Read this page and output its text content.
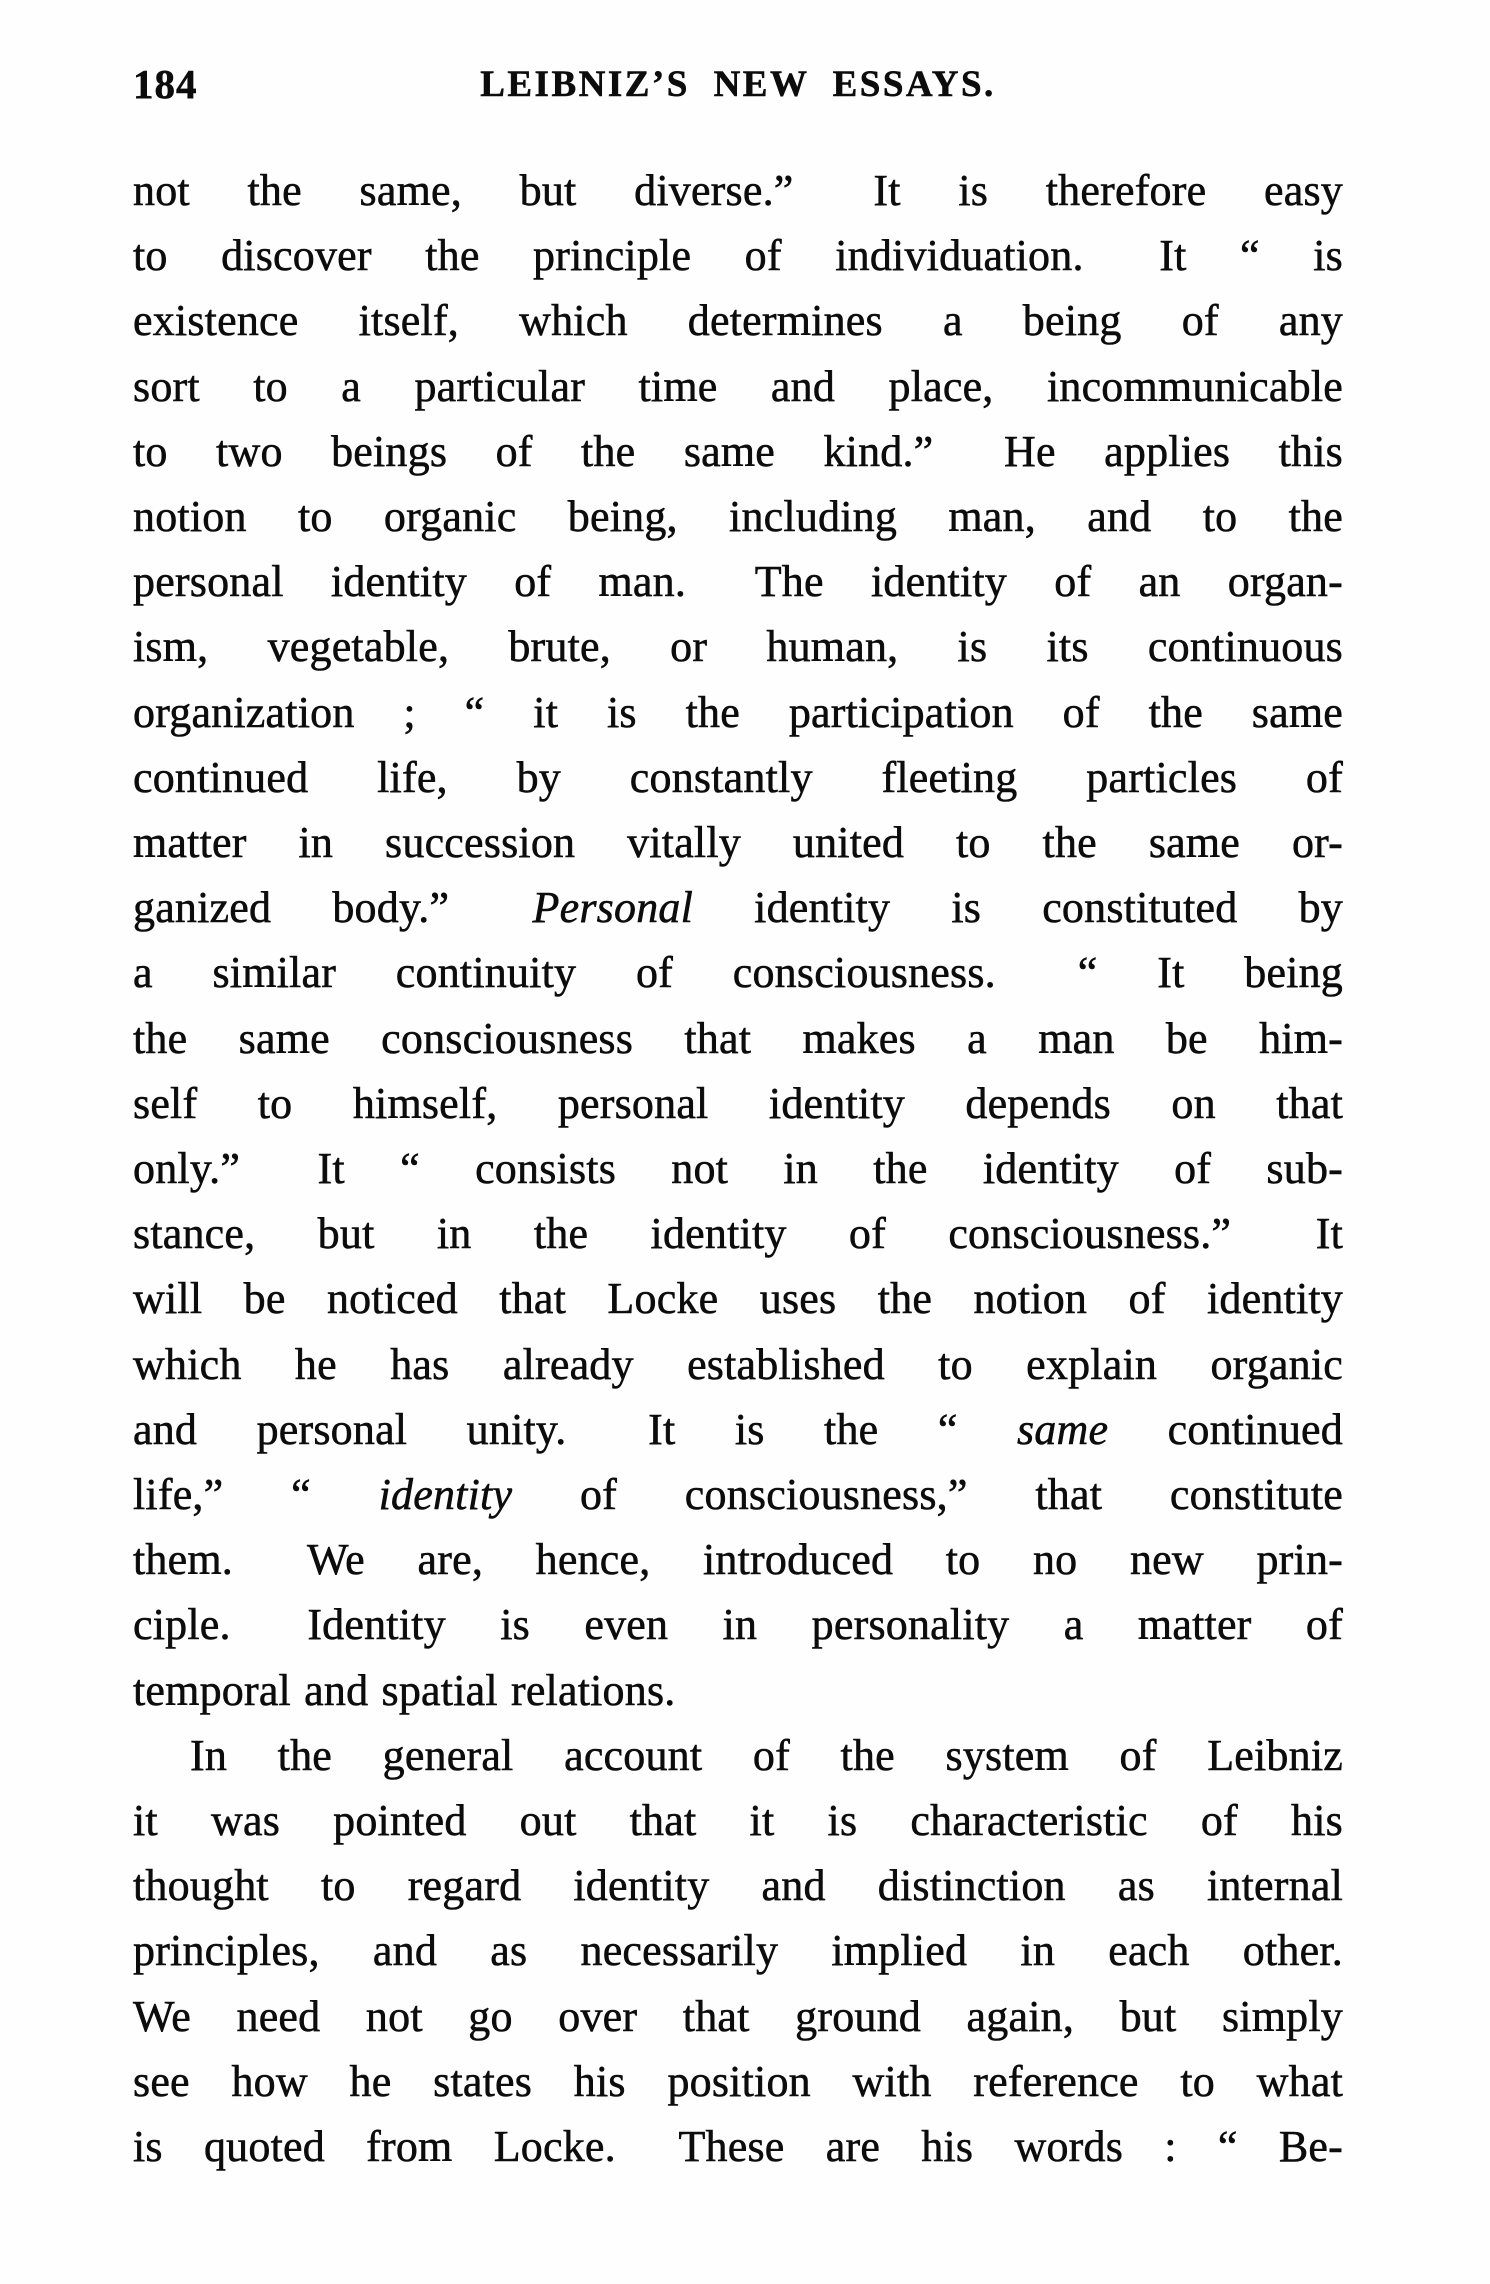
184	LEIBNIZ’S NEW ESSAYS.
not the same, but diverse.”  It is therefore easy
to discover the principle of individuation.  It “ is
existence itself, which determines a being of any
sort to a particular time and place, incommunicable
to two beings of the same kind.”  He applies this
notion to organic being, including man, and to the
personal identity of man.  The identity of an organ-
ism, vegetable, brute, or human, is its continuous
organization ; “ it is the participation of the same
continued life, by constantly fleeting particles of
matter in succession vitally united to the same or-
ganized body.”  Personal identity is constituted by
a similar continuity of consciousness.  “ It being
the same consciousness that makes a man be him-
self to himself, personal identity depends on that
only.”  It “ consists not in the identity of sub-
stance, but in the identity of consciousness.”  It
will be noticed that Locke uses the notion of identity
which he has already established to explain organic
and personal unity.  It is the “ same continued
life,” “ identity of consciousness,” that constitute
them.  We are, hence, introduced to no new prin-
ciple.  Identity is even in personality a matter of
temporal and spatial relations.
In the general account of the system of Leibniz
it was pointed out that it is characteristic of his
thought to regard identity and distinction as internal
principles, and as necessarily implied in each other.
We need not go over that ground again, but simply
see how he states his position with reference to what
is quoted from Locke.  These are his words : “ Be-
